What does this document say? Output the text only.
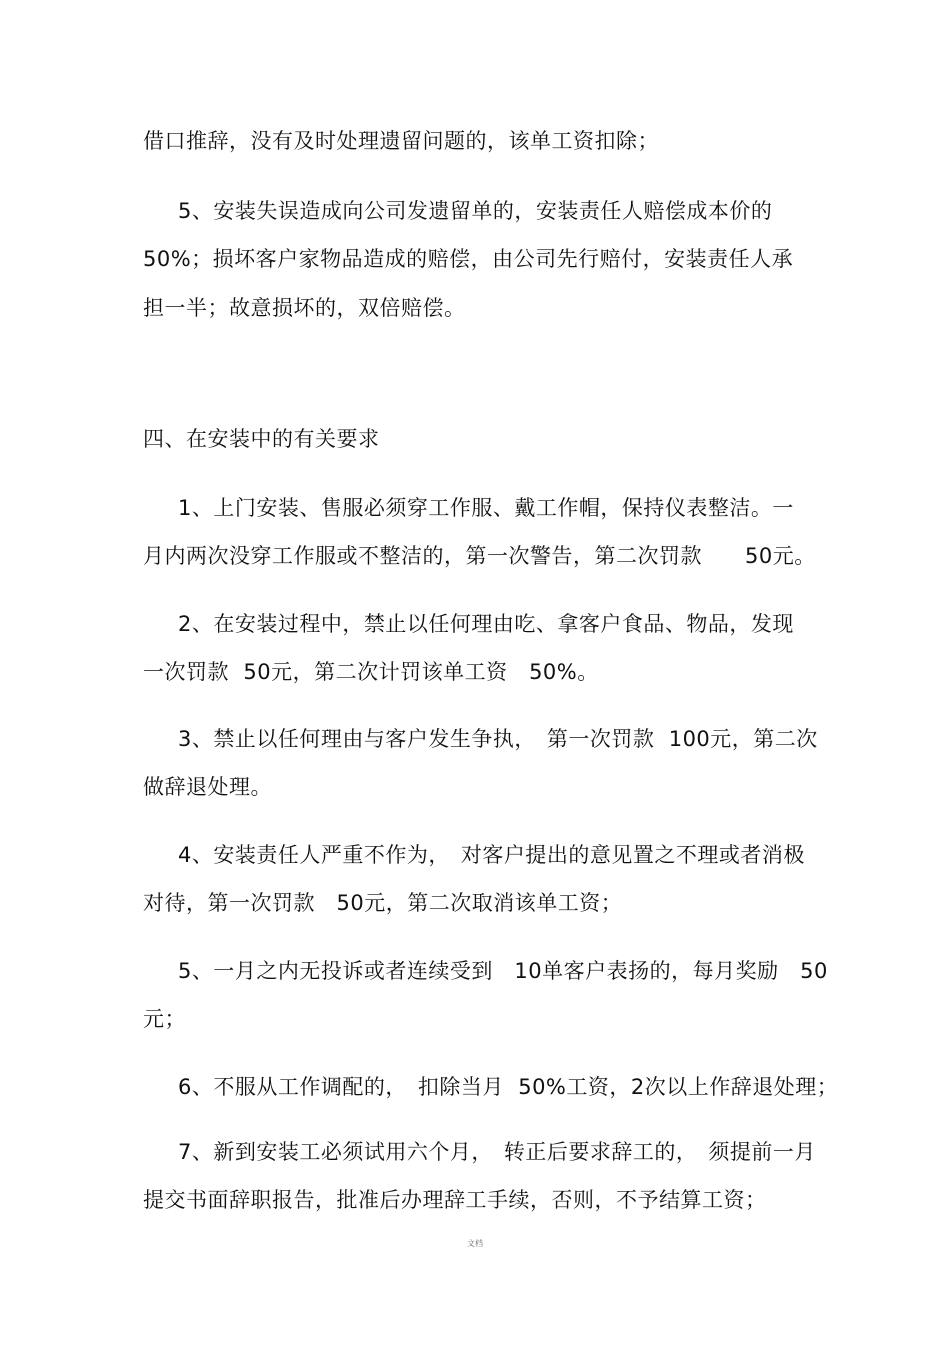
借口推辞，没有及时处理遗留问题的，该单工资扣除；
5、安装失误造成向公司发遗留单的，安装责任人赔偿成本价的
50%；损坏客户家物品造成的赔偿，由公司先行赔付，安装责任人承
担一半；故意损坏的，双倍赔偿。
四、在安装中的有关要求
1、上门安装、售服必须穿工作服、戴工作帽，保持仪表整洁。一
月内两次没穿工作服或不整洁的，第一次警告，第二次罚款　　50元。
2、在安装过程中，禁止以任何理由吃、拿客户食品、物品，发现
一次罚款  50元，第二次计罚该单工资　50%。
3、禁止以任何理由与客户发生争执，　第一次罚款  100元，第二次
做辞退处理。
4、安装责任人严重不作为，　对客户提出的意见置之不理或者消极
对待，第一次罚款　50元，第二次取消该单工资；
5、一月之内无投诉或者连续受到　10单客户表扬的，每月奖励　50
元；
6、不服从工作调配的，　扣除当月  50%工资，2次以上作辞退处理；
7、新到安装工必须试用六个月，　转正后要求辞工的，　须提前一月
提交书面辞职报告，批准后办理辞工手续，否则，不予结算工资；
文档
